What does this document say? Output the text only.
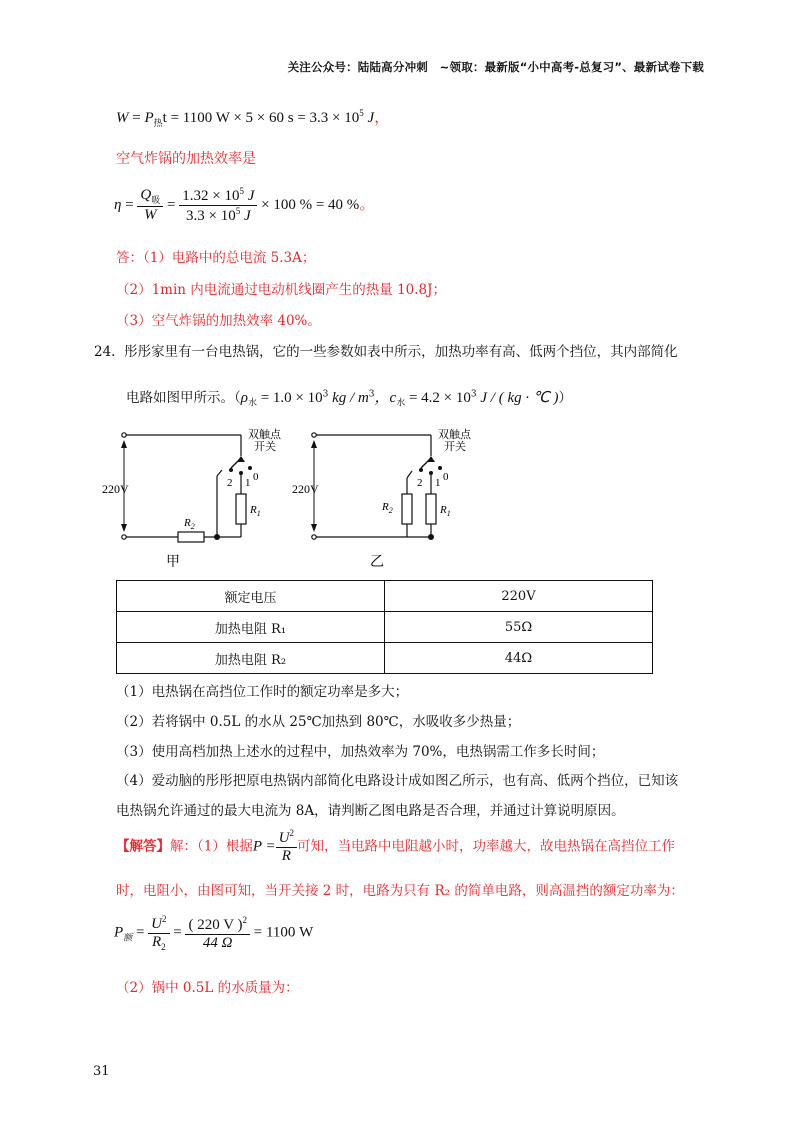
关注公众号：陆陆高分冲刺　~领取：最新版“小中高考-总复习”、最新试卷下载
$W = P_热t = 1100$ W × 5 × 60 $s = 3.3 \times 10^5$ J，
空气炸锅的加热效率是
$\eta = \frac{Q_吸}{W} = \frac{1.32 \times 10^5 J}{3.3 \times 10^5 J} \times 100$ % = 40 %。
答：（1）电路中的总电流 5.3A；
（2）1min 内电流通过电动机线圈产生的热量 10.8J；
（3）空气炸锅的加热效率 40%。
24. 彤彤家里有一台电热锅，它的一些参数如表中所示，加热功率有高、低两个挡位，其内部简化
电路如图甲所示。（$\rho_水 = 1.0 \times 10^3$ kg / $m^3$，$c_水 = 4.2 \times 10^3$ J / ( kg · ℃ )）
220V
双触点
开关
2 1 0
$R_1$
$R_2$
甲
220V
双触点
开关
2 1 0
$R_1$
$R_2$
乙
额定电压	220V
加热电阻 R₁	55Ω
加热电阻 R₂	44Ω
（1）电热锅在高挡位工作时的额定功率是多大；
（2）若将锅中 0.5L 的水从 25℃加热到 80℃，水吸收多少热量；
（3）使用高档加热上述水的过程中，加热效率为 70%，电热锅需工作多长时间；
（4）爱动脑的彤彤把原电热锅内部简化电路设计成如图乙所示，也有高、低两个挡位，已知该
电热锅允许通过的最大电流为 8A，请判断乙图电路是否合理，并通过计算说明原因。
【解答】解：（1）根据$P = \frac{U^2}{R}$ 可知，当电路中电阻越小时，功率越大，故电热锅在高挡位工作
时，电阻小，由图可知，当开关接 2 时，电路为只有 R₂ 的简单电路，则高温挡的额定功率为：
$P_额 = \frac{U^2}{R_2} = \frac{( 220 V )^2}{44 \Omega} = 1100$ W
（2）锅中 0.5L 的水质量为：
31
